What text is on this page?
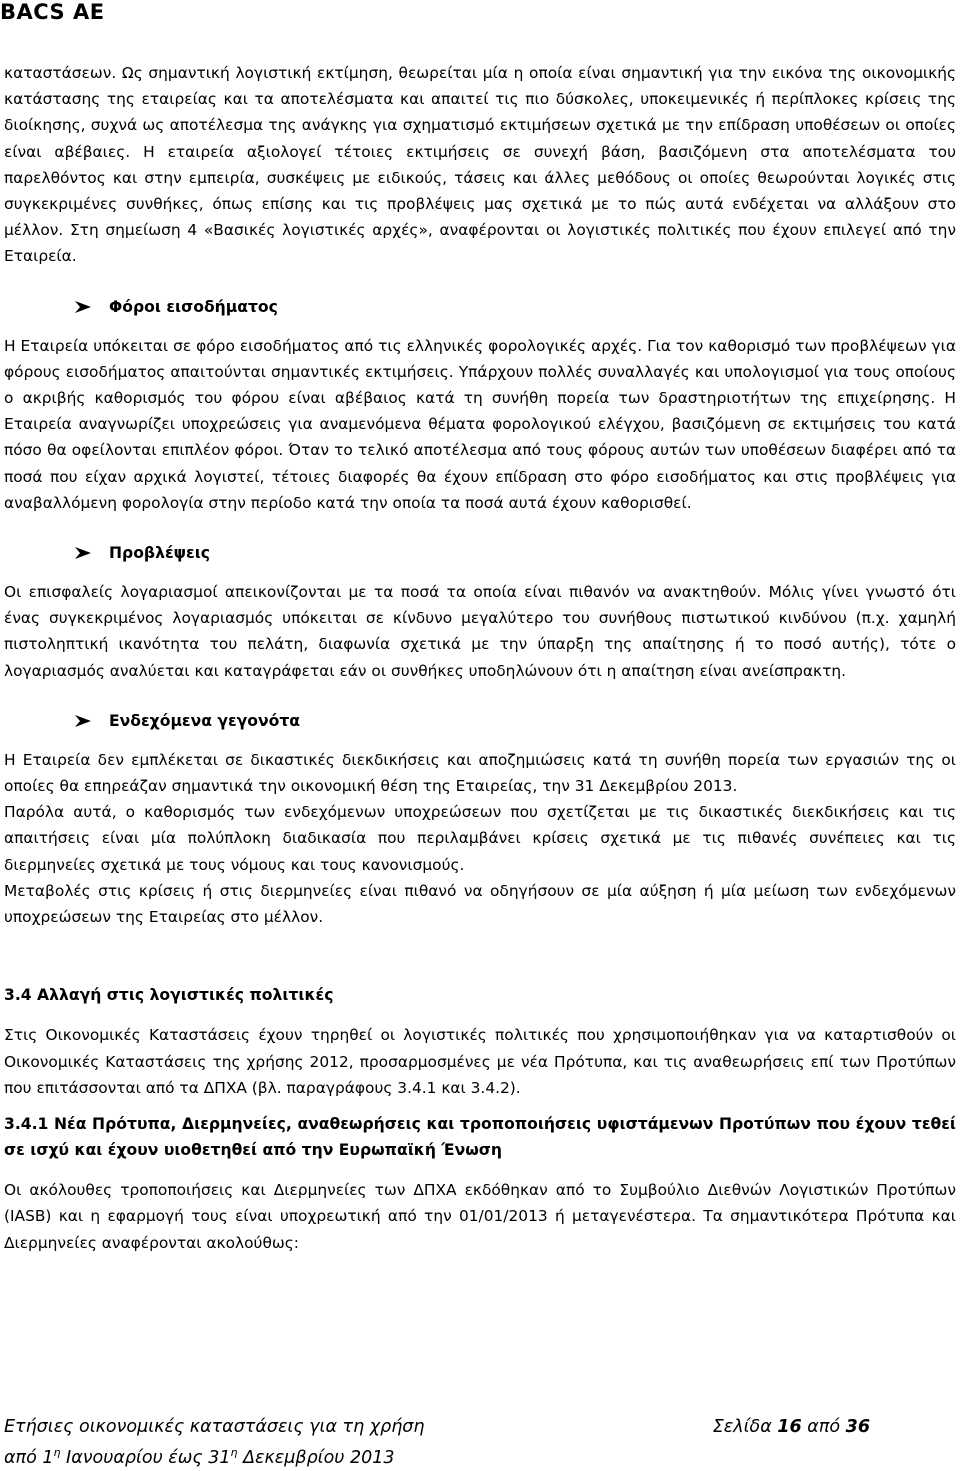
BACS AE

καταστάσεων. Ως σημαντική λογιστική εκτίμηση, θεωρείται μία η οποία είναι σημαντική για την εικόνα της οικονομικής κατάστασης της εταιρείας και τα αποτελέσματα και απαιτεί τις πιο δύσκολες, υποκειμενικές ή περίπλοκες κρίσεις της διοίκησης, συχνά ως αποτέλεσμα της ανάγκης για σχηματισμό εκτιμήσεων σχετικά με την επίδραση υποθέσεων οι οποίες είναι αβέβαιες. Η εταιρεία αξιολογεί τέτοιες εκτιμήσεις σε συνεχή βάση, βασιζόμενη στα αποτελέσματα του παρελθόντος και στην εμπειρία, συσκέψεις με ειδικούς, τάσεις και άλλες μεθόδους οι οποίες θεωρούνται λογικές στις συγκεκριμένες συνθήκες, όπως επίσης και τις προβλέψεις μας σχετικά με το πώς αυτά ενδέχεται να αλλάξουν στο μέλλον. Στη σημείωση 4 «Βασικές λογιστικές αρχές», αναφέρονται οι λογιστικές πολιτικές που έχουν επιλεγεί από την Εταιρεία.

Φόροι εισοδήματος

Η Εταιρεία υπόκειται σε φόρο εισοδήματος από τις ελληνικές φορολογικές αρχές. Για τον καθορισμό των προβλέψεων για φόρους εισοδήματος απαιτούνται σημαντικές εκτιμήσεις. Υπάρχουν πολλές συναλλαγές και υπολογισμοί για τους οποίους ο ακριβής καθορισμός του φόρου είναι αβέβαιος κατά τη συνήθη πορεία των δραστηριοτήτων της επιχείρησης. Η Εταιρεία αναγνωρίζει υποχρεώσεις για αναμενόμενα θέματα φορολογικού ελέγχου, βασιζόμενη σε εκτιμήσεις του κατά πόσο θα οφείλονται επιπλέον φόροι. Όταν το τελικό αποτέλεσμα από τους φόρους αυτών των υποθέσεων διαφέρει από τα ποσά που είχαν αρχικά λογιστεί, τέτοιες διαφορές θα έχουν επίδραση στο φόρο εισοδήματος και στις προβλέψεις για αναβαλλόμενη φορολογία στην περίοδο κατά την οποία τα ποσά αυτά έχουν καθορισθεί.

Προβλέψεις

Οι επισφαλείς λογαριασμοί απεικονίζονται με τα ποσά τα οποία είναι πιθανόν να ανακτηθούν. Μόλις γίνει γνωστό ότι ένας συγκεκριμένος λογαριασμός υπόκειται σε κίνδυνο μεγαλύτερο του συνήθους πιστωτικού κινδύνου (π.χ. χαμηλή πιστοληπτική ικανότητα του πελάτη, διαφωνία σχετικά με την ύπαρξη της απαίτησης ή το ποσό αυτής), τότε ο λογαριασμός αναλύεται και καταγράφεται εάν οι συνθήκες υποδηλώνουν ότι η απαίτηση είναι ανείσπρακτη.

Ενδεχόμενα γεγονότα

Η Εταιρεία δεν εμπλέκεται σε δικαστικές διεκδικήσεις και αποζημιώσεις κατά τη συνήθη πορεία των εργασιών της οι οποίες θα επηρεάζαν σημαντικά την οικονομική θέση της Εταιρείας, την 31 Δεκεμβρίου 2013.

Παρόλα αυτά, ο καθορισμός των ενδεχόμενων υποχρεώσεων που σχετίζεται με τις δικαστικές διεκδικήσεις και τις απαιτήσεις είναι μία πολύπλοκη διαδικασία που περιλαμβάνει κρίσεις σχετικά με τις πιθανές συνέπειες και τις διερμηνείες σχετικά με τους νόμους και τους κανονισμούς.

Μεταβολές στις κρίσεις ή στις διερμηνείες είναι πιθανό να οδηγήσουν σε μία αύξηση ή μία μείωση των ενδεχόμενων υποχρεώσεων της Εταιρείας στο μέλλον.

3.4 Αλλαγή στις λογιστικές πολιτικές

Στις Οικονομικές Καταστάσεις έχουν τηρηθεί οι λογιστικές πολιτικές που χρησιμοποιήθηκαν για να καταρτισθούν οι Οικονομικές Καταστάσεις της χρήσης 2012, προσαρμοσμένες με νέα Πρότυπα, και τις αναθεωρήσεις επί των Προτύπων που επιτάσσονται από τα ΔΠΧΑ (βλ. παραγράφους 3.4.1 και 3.4.2).

3.4.1 Νέα Πρότυπα, Διερμηνείες, αναθεωρήσεις και τροποποιήσεις υφιστάμενων Προτύπων που έχουν τεθεί σε ισχύ και έχουν υιοθετηθεί από την Ευρωπαϊκή Ένωση

Οι ακόλουθες τροποποιήσεις και Διερμηνείες των ΔΠΧΑ εκδόθηκαν από το Συμβούλιο Διεθνών Λογιστικών Προτύπων (IASB) και η εφαρμογή τους είναι υποχρεωτική από την 01/01/2013 ή μεταγενέστερα. Τα σημαντικότερα Πρότυπα και Διερμηνείες αναφέρονται ακολούθως:

Ετήσιες οικονομικές καταστάσεις για τη χρήση	Σελίδα 16 από 36
από $1^\eta$ Ιανουαρίου έως $31^\eta$ Δεκεμβρίου 2013
